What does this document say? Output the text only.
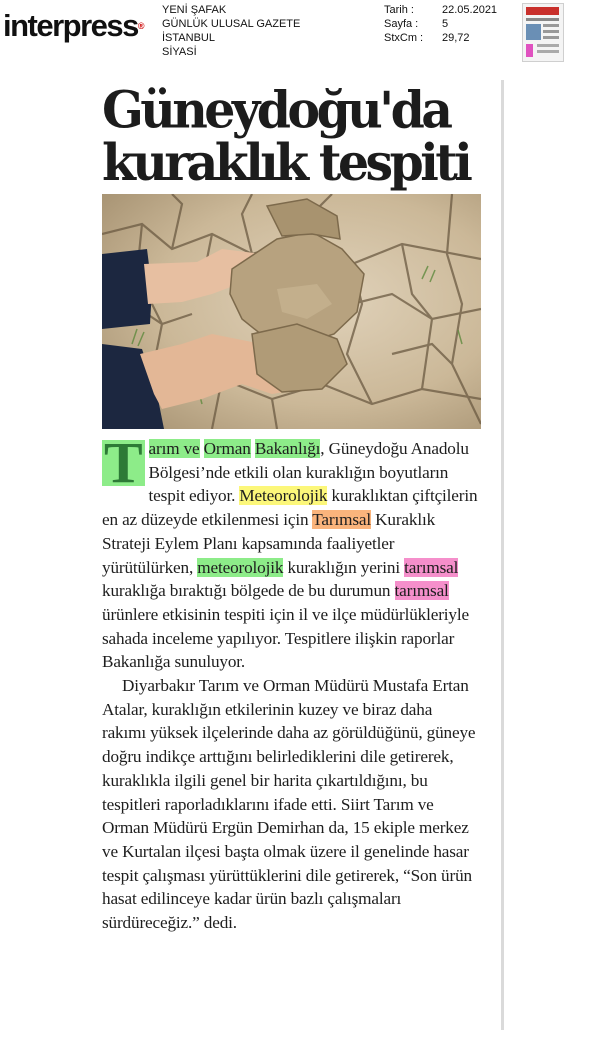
interpress®
YENİ ŞAFAK
GÜNLÜK ULUSAL GAZETE
İSTANBUL
SİYASİ
Tarih :
Sayfa :
StxCm :
22.05.2021
5
29,72
Güneydoğu'da
kuraklık tespiti

T arım ve Orman Bakanlığı, Güneydoğu Anadolu Bölgesi’nde etkili olan kuraklığın boyutların tespit ediyor. Meteorolojik kuraklıktan çiftçilerin en az düzeyde etkilenmesi için Tarımsal Kuraklık Strateji Eylem Planı kapsamında faaliyetler yürütülürken, meteorolojik kuraklığın yerini tarımsal kuraklığa bıraktığı bölgede de bu durumun tarımsal ürünlere etkisinin tespiti için il ve ilçe müdürlükleriyle sahada inceleme yapılıyor. Tespitlere ilişkin raporlar Bakanlığa sunuluyor.

Diyarbakır Tarım ve Orman Müdürü Mustafa Ertan Atalar, kuraklığın etkilerinin kuzey ve biraz daha rakımı yüksek ilçelerinde daha az görüldüğünü, güneye doğru indikçe arttığını belirlediklerini dile getirerek, kuraklıkla ilgili genel bir harita çıkartıldığını, bu tespitleri raporladıklarını ifade etti. Siirt Tarım ve Orman Müdürü Ergün Demirhan da, 15 ekiple merkez ve Kurtalan ilçesi başta olmak üzere il genelinde hasar tespit çalışması yürüttüklerini dile getirerek, “Son ürün hasat edilinceye kadar ürün bazlı çalışmaları sürdüreceğiz.” dedi.
